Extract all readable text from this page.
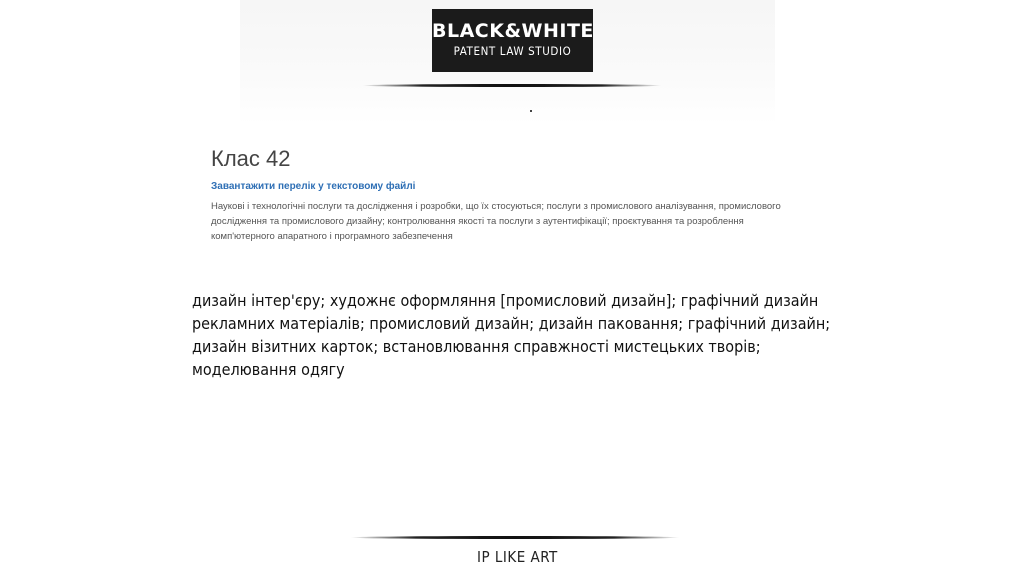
BLACK&WHITE
PATENT LAW STUDIO
Клас 42
Завантажити перелік у текстовому файлі
Наукові і технологічні послуги та дослідження і розробки, що їх стосуються; послуги з промислового аналізування, промислового дослідження та промислового дизайну; контролювання якості та послуги з аутентифікації; проєктування та розроблення комп'ютерного апаратного і програмного забезпечення
дизайн інтер'єру; художнє оформляння [промисловий дизайн]; графічний дизайн рекламних матеріалів; промисловий дизайн; дизайн паковання; графічний дизайн; дизайн візитних карток; встановлювання справжності мистецьких творів; моделювання одягу
IP LIKE ART
